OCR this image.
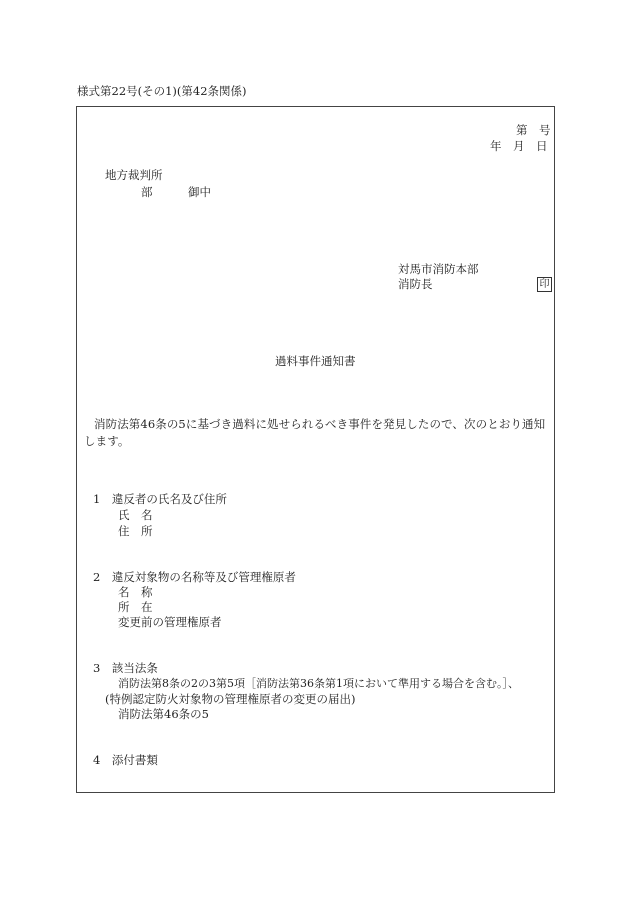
様式第22号(その1)(第42条関係)
第　号
年　月　日
地方裁判所
部	御中
対馬市消防本部
消防長	印
過料事件通知書
消防法第46条の5に基づき過料に処せられるべき事件を発見したので、次のとおり通知します。
1　違反者の氏名及び住所
氏　名
住　所
2　違反対象物の名称等及び管理権原者
名　称
所　在
変更前の管理権原者
3　該当法条
消防法第8条の2の3第5項［消防法第36条第1項において準用する場合を含む。］、
(特例認定防火対象物の管理権原者の変更の届出)
消防法第46条の5
4　添付書類
